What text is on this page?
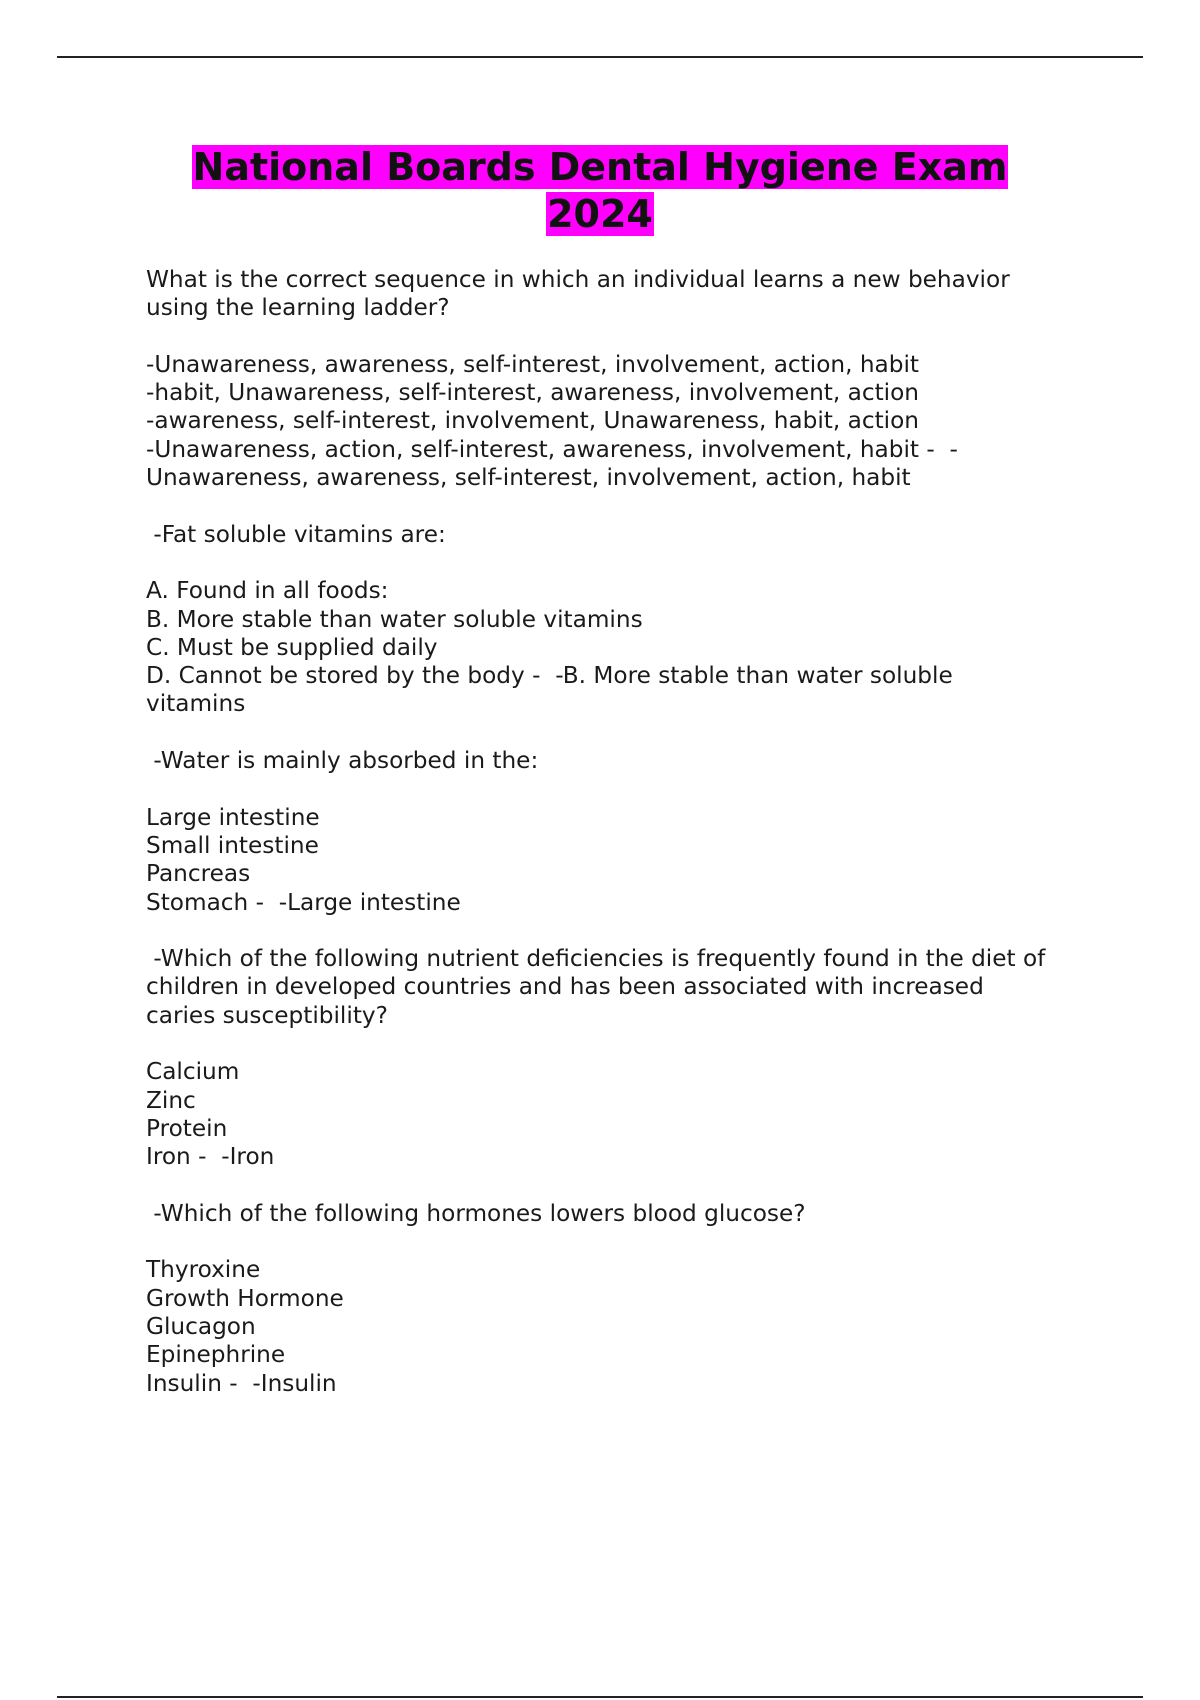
National Boards Dental Hygiene Exam
2024
What is the correct sequence in which an individual learns a new behavior
using the learning ladder?
-Unawareness, awareness, self-interest, involvement, action, habit
-habit, Unawareness, self-interest, awareness, involvement, action
-awareness, self-interest, involvement, Unawareness, habit, action
-Unawareness, action, self-interest, awareness, involvement, habit -  -
Unawareness, awareness, self-interest, involvement, action, habit
-Fat soluble vitamins are:
A. Found in all foods:
B. More stable than water soluble vitamins
C. Must be supplied daily
D. Cannot be stored by the body -  -B. More stable than water soluble
vitamins
-Water is mainly absorbed in the:
Large intestine
Small intestine
Pancreas
Stomach -  -Large intestine
-Which of the following nutrient deficiencies is frequently found in the diet of
children in developed countries and has been associated with increased
caries susceptibility?
Calcium
Zinc
Protein
Iron -  -Iron
-Which of the following hormones lowers blood glucose?
Thyroxine
Growth Hormone
Glucagon
Epinephrine
Insulin -  -Insulin
